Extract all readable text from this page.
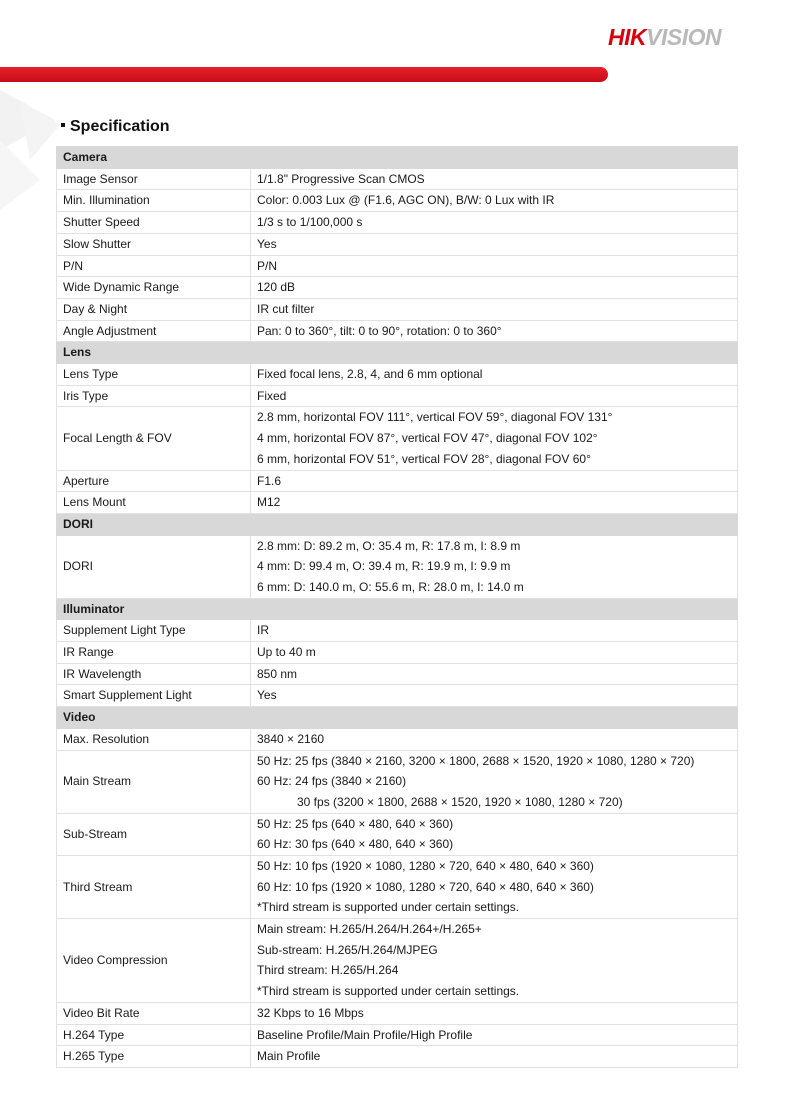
HIKVISION
Specification
Camera	
Image Sensor	1/1.8" Progressive Scan CMOS
Min. Illumination	Color: 0.003 Lux @ (F1.6, AGC ON), B/W: 0 Lux with IR
Shutter Speed	1/3 s to 1/100,000 s
Slow Shutter	Yes
P/N	P/N
Wide Dynamic Range	120 dB
Day & Night	IR cut filter
Angle Adjustment	Pan: 0 to 360°, tilt: 0 to 90°, rotation: 0 to 360°
Lens	
Lens Type	Fixed focal lens, 2.8, 4, and 6 mm optional
Iris Type	Fixed
Focal Length & FOV	2.8 mm, horizontal FOV 111°, vertical FOV 59°, diagonal FOV 131°
4 mm, horizontal FOV 87°, vertical FOV 47°, diagonal FOV 102°
6 mm, horizontal FOV 51°, vertical FOV 28°, diagonal FOV 60°

Aperture	F1.6
Lens Mount	M12
DORI	
DORI	2.8 mm: D: 89.2 m, O: 35.4 m, R: 17.8 m, I: 8.9 m
4 mm: D: 99.4 m, O: 39.4 m, R: 19.9 m, I: 9.9 m
6 mm: D: 140.0 m, O: 55.6 m, R: 28.0 m, I: 14.0 m

Illuminator	
Supplement Light Type	IR
IR Range	Up to 40 m
IR Wavelength	850 nm
Smart Supplement Light	Yes
Video	
Max. Resolution	3840 × 2160
Main Stream	50 Hz: 25 fps (3840 × 2160, 3200 × 1800, 2688 × 1520, 1920 × 1080, 1280 × 720)
60 Hz: 24 fps (3840 × 2160)
30 fps (3200 × 1800, 2688 × 1520, 1920 × 1080, 1280 × 720)

Sub-Stream	50 Hz: 25 fps (640 × 480, 640 × 360)
60 Hz: 30 fps (640 × 480, 640 × 360)

Third Stream	50 Hz: 10 fps (1920 × 1080, 1280 × 720, 640 × 480, 640 × 360)
60 Hz: 10 fps (1920 × 1080, 1280 × 720, 640 × 480, 640 × 360)
*Third stream is supported under certain settings.

Video Compression	Main stream: H.265/H.264/H.264+/H.265+
Sub-stream: H.265/H.264/MJPEG
Third stream: H.265/H.264
*Third stream is supported under certain settings.

Video Bit Rate	32 Kbps to 16 Mbps
H.264 Type	Baseline Profile/Main Profile/High Profile
H.265 Type	Main Profile
